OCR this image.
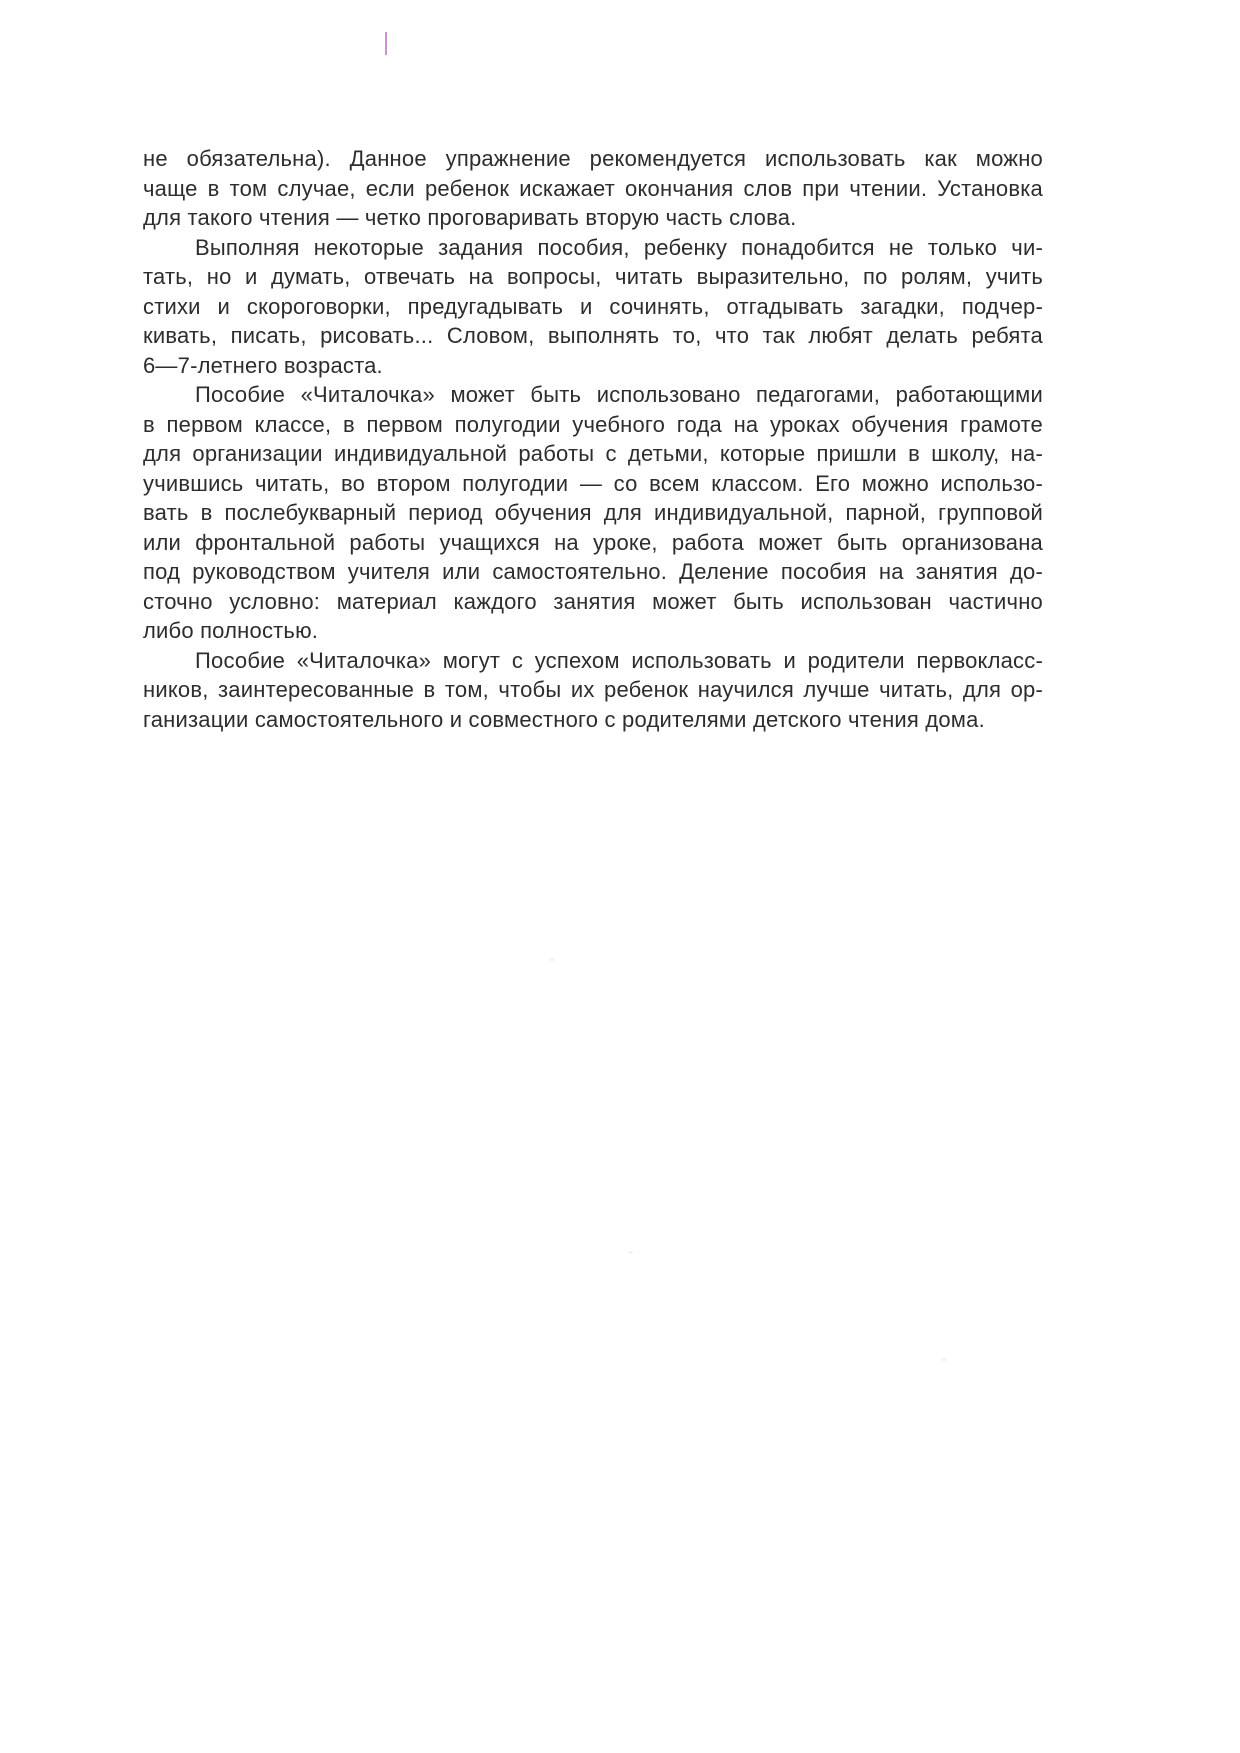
не обязательна). Данное упражнение рекомендуется использовать как можно
чаще в том случае, если ребенок искажает окончания слов при чтении. Установка
для такого чтения — четко проговаривать вторую часть слова.
Выполняя некоторые задания пособия, ребенку понадобится не только чи-
тать, но и думать, отвечать на вопросы, читать выразительно, по ролям, учить
стихи и скороговорки, предугадывать и сочинять, отгадывать загадки, подчер-
кивать, писать, рисовать... Словом, выполнять то, что так любят делать ребята
6—7-летнего возраста.
Пособие «Читалочка» может быть использовано педагогами, работающими
в первом классе, в первом полугодии учебного года на уроках обучения грамоте
для организации индивидуальной работы с детьми, которые пришли в школу, на-
учившись читать, во втором полугодии — со всем классом. Его можно использо-
вать в послебукварный период обучения для индивидуальной, парной, групповой
или фронтальной работы учащихся на уроке, работа может быть организована
под руководством учителя или самостоятельно. Деление пособия на занятия до-
сточно условно: материал каждого занятия может быть использован частично
либо полностью.
Пособие «Читалочка» могут с успехом использовать и родители первокласс-
ников, заинтересованные в том, чтобы их ребенок научился лучше читать, для ор-
ганизации самостоятельного и совместного с родителями детского чтения дома.
